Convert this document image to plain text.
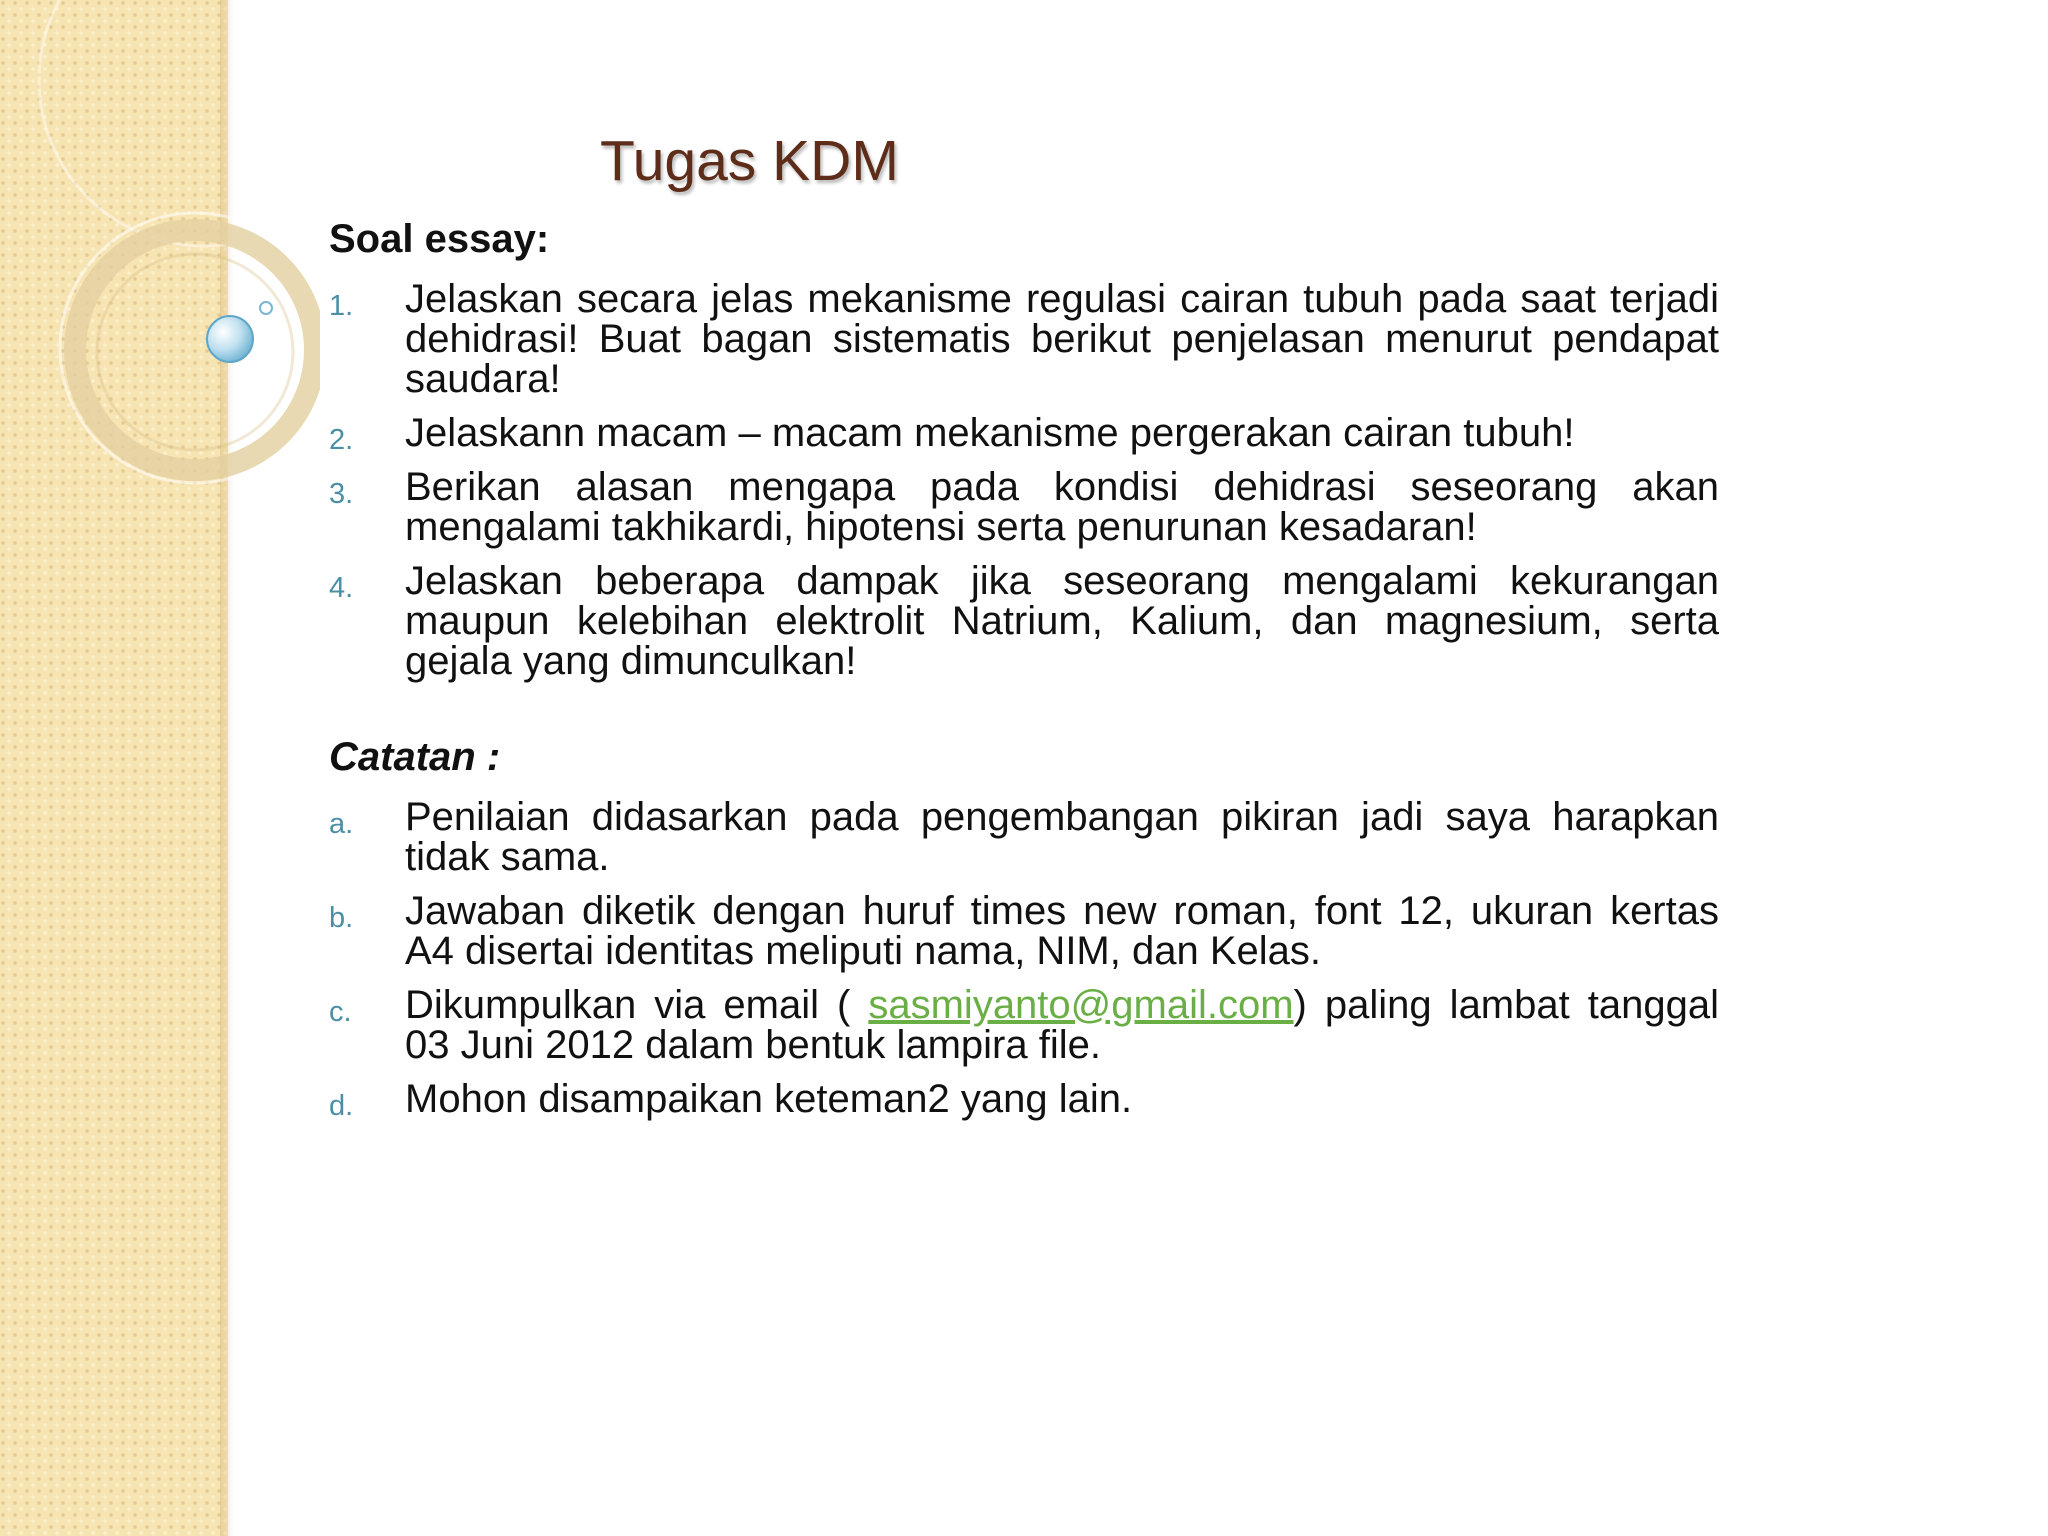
Tugas KDM

Soal essay:

1. Jelaskan secara jelas mekanisme regulasi cairan tubuh pada saat terjadi dehidrasi! Buat bagan sistematis berikut penjelasan menurut pendapat saudara!
2. Jelaskann macam – macam mekanisme pergerakan cairan tubuh!
3. Berikan alasan mengapa pada kondisi dehidrasi seseorang akan mengalami takhikardi, hipotensi serta penurunan kesadaran!
4. Jelaskan beberapa dampak jika seseorang mengalami kekurangan maupun kelebihan elektrolit Natrium, Kalium, dan magnesium, serta gejala yang dimunculkan!

Catatan :

a. Penilaian didasarkan pada pengembangan pikiran jadi saya harapkan tidak sama.
b. Jawaban diketik dengan huruf times new roman, font 12, ukuran kertas A4 disertai identitas meliputi nama, NIM, dan Kelas.
c. Dikumpulkan via email ( sasmiyanto@gmail.com) paling lambat tanggal 03 Juni 2012 dalam bentuk lampira file.
d. Mohon disampaikan keteman2 yang lain.
